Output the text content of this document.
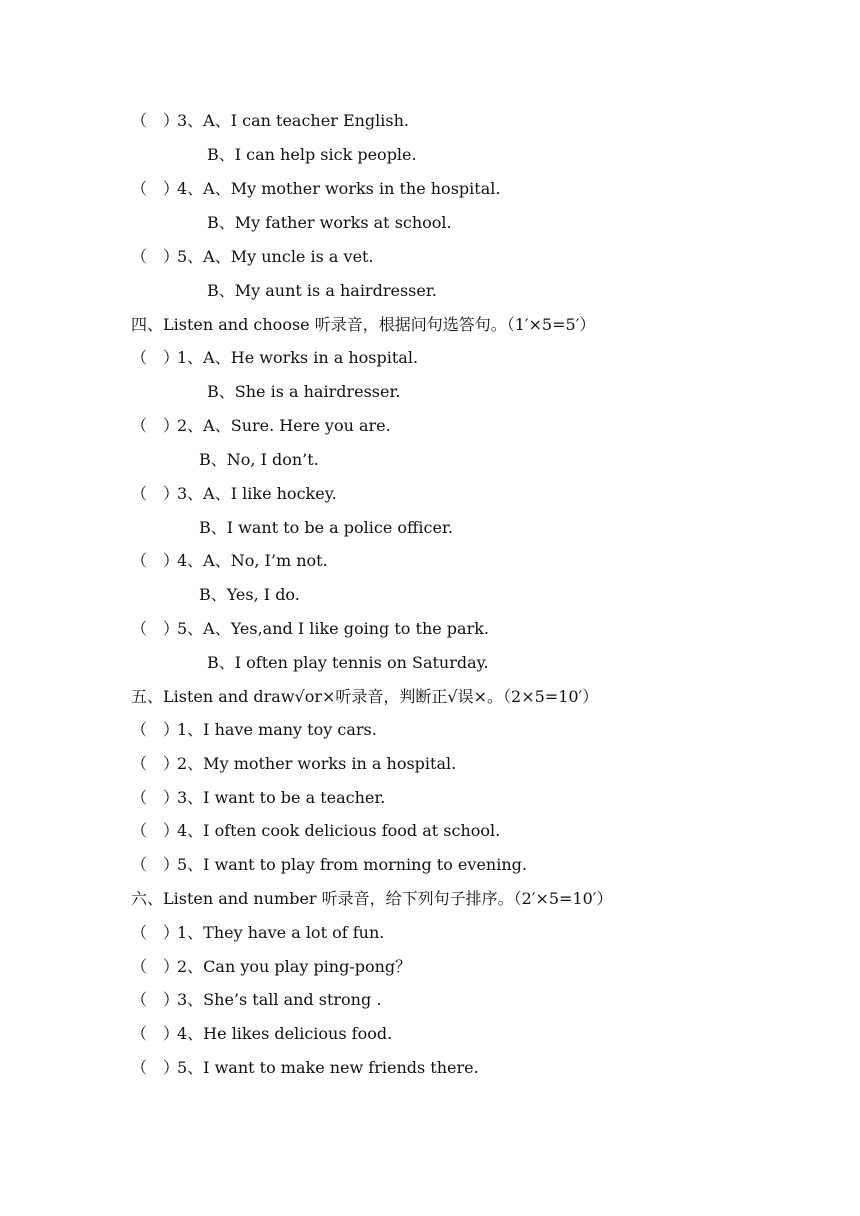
（　）3、A、I can teacher English.
B、I can help sick people.
（　）4、A、My mother works in the hospital.
B、My father works at school.
（　）5、A、My uncle is a vet.
B、My aunt is a hairdresser.
四、Listen and choose 听录音，根据问句选答句。（1′×5=5′）
（　）1、A、He works in a hospital.
B、She is a hairdresser.
（　）2、A、Sure. Here you are.
B、No, I don’t.
（　）3、A、I like hockey.
B、I want to be a police officer.
（　）4、A、No, I’m not.
B、Yes, I do.
（　）5、A、Yes,and I like going to the park.
B、I often play tennis on Saturday.
五、Listen and draw√or×听录音，判断正√误×。（2×5=10′）
（　）1、I have many toy cars.
（　）2、My mother works in a hospital.
（　）3、I want to be a teacher.
（　）4、I often cook delicious food at school.
（　）5、I want to play from morning to evening.
六、Listen and number 听录音，给下列句子排序。（2′×5=10′）
（　）1、They have a lot of fun.
（　）2、Can you play ping-pong？
（　）3、She’s tall and strong .
（　）4、He likes delicious food.
（　）5、I want to make new friends there.
